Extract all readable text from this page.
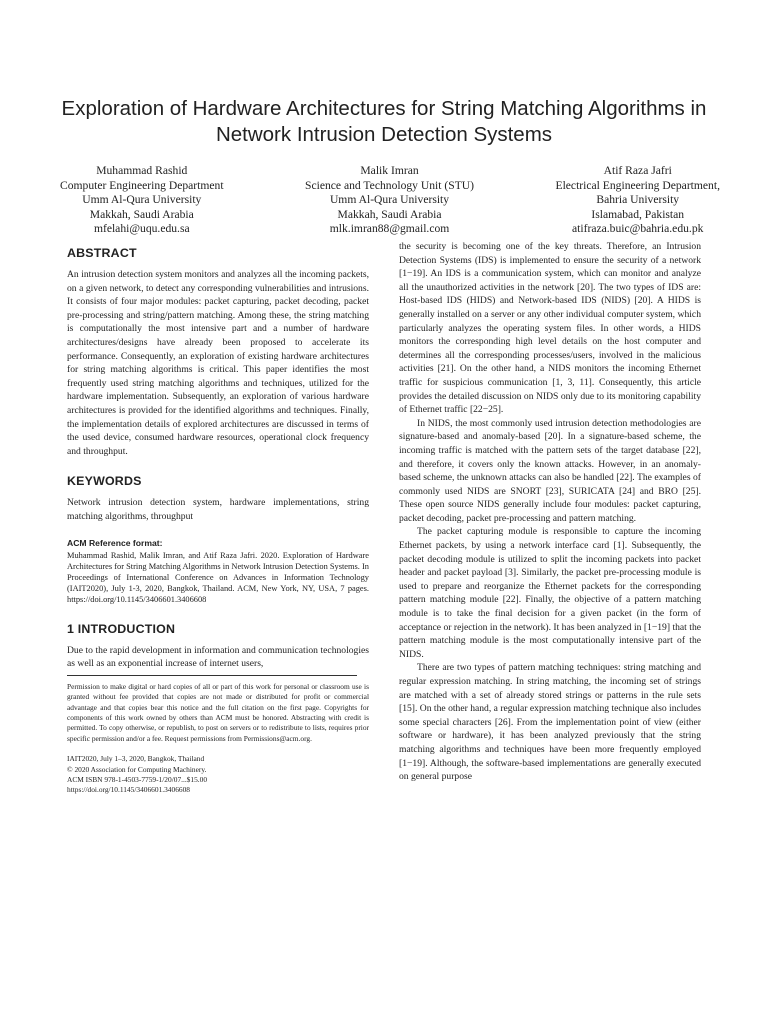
Exploration of Hardware Architectures for String Matching Algorithms in Network Intrusion Detection Systems
Muhammad Rashid
Computer Engineering Department
Umm Al-Qura University
Makkah, Saudi Arabia
mfelahi@uqu.edu.sa
Malik Imran
Science and Technology Unit (STU)
Umm Al-Qura University
Makkah, Saudi Arabia
mlk.imran88@gmail.com
Atif Raza Jafri
Electrical Engineering Department,
Bahria University
Islamabad, Pakistan
atifraza.buic@bahria.edu.pk
ABSTRACT

An intrusion detection system monitors and analyzes all the incoming packets, on a given network, to detect any corresponding vulnerabilities and intrusions. It consists of four major modules: packet capturing, packet decoding, packet pre-processing and string/pattern matching. Among these, the string matching is computationally the most intensive part and a number of hardware architectures/designs have already been proposed to accelerate its performance. Consequently, an exploration of existing hardware architectures for string matching algorithms is critical. This paper identifies the most frequently used string matching algorithms and techniques, utilized for the hardware implementation. Subsequently, an exploration of various hardware architectures is provided for the identified algorithms and techniques. Finally, the implementation details of explored architectures are discussed in terms of the used device, consumed hardware resources, operational clock frequency and throughput.

KEYWORDS

Network intrusion detection system, hardware implementations, string matching algorithms, throughput

ACM Reference format:

Muhammad Rashid, Malik Imran, and Atif Raza Jafri. 2020. Exploration of Hardware Architectures for String Matching Algorithms in Network Intrusion Detection Systems. In Proceedings of International Conference on Advances in Information Technology (IAIT2020), July 1-3, 2020, Bangkok, Thailand. ACM, New York, NY, USA, 7 pages. https://doi.org/10.1145/3406601.3406608

1 INTRODUCTION

Due to the rapid development in information and communication technologies as well as an exponential increase of internet users,

Permission to make digital or hard copies of all or part of this work for personal or classroom use is granted without fee provided that copies are not made or distributed for profit or commercial advantage and that copies bear this notice and the full citation on the first page. Copyrights for components of this work owned by others than ACM must be honored. Abstracting with credit is permitted. To copy otherwise, or republish, to post on servers or to redistribute to lists, requires prior specific permission and/or a fee. Request permissions from Permissions@acm.org.

IAIT2020, July 1–3, 2020, Bangkok, Thailand
© 2020 Association for Computing Machinery.
ACM ISBN 978-1-4503-7759-1/20/07...$15.00
https://doi.org/10.1145/3406601.3406608

the security is becoming one of the key threats. Therefore, an Intrusion Detection Systems (IDS) is implemented to ensure the security of a network [1−19]. An IDS is a communication system, which can monitor and analyze all the unauthorized activities in the network [20]. The two types of IDS are: Host-based IDS (HIDS) and Network-based IDS (NIDS) [20]. A HIDS is generally installed on a server or any other individual computer system, which particularly analyzes the operating system files. In other words, a HIDS monitors the corresponding high level details on the host computer and determines all the corresponding processes/users, involved in the malicious activities [21]. On the other hand, a NIDS monitors the incoming Ethernet traffic for suspicious communication [1, 3, 11]. Consequently, this article provides the detailed discussion on NIDS only due to its monitoring capability of Ethernet traffic [22−25].

In NIDS, the most commonly used intrusion detection methodologies are signature-based and anomaly-based [20]. In a signature-based scheme, the incoming traffic is matched with the pattern sets of the target database [22], and therefore, it covers only the known attacks. However, in an anomaly-based scheme, the unknown attacks can also be handled [22]. The examples of commonly used NIDS are SNORT [23], SURICATA [24] and BRO [25]. These open source NIDS generally include four modules: packet capturing, packet decoding, packet pre-processing and pattern matching.

The packet capturing module is responsible to capture the incoming Ethernet packets, by using a network interface card [1]. Subsequently, the packet decoding module is utilized to split the incoming packets into packet header and packet payload [3]. Similarly, the packet pre-processing module is used to prepare and reorganize the Ethernet packets for the corresponding pattern matching module [22]. Finally, the objective of a pattern matching module is to take the final decision for a given packet (in the form of acceptance or rejection in the network). It has been analyzed in [1−19] that the pattern matching module is the most computationally intensive part of the NIDS.

There are two types of pattern matching techniques: string matching and regular expression matching. In string matching, the incoming set of strings are matched with a set of already stored strings or patterns in the rule sets [15]. On the other hand, a regular expression matching technique also includes some special characters [26]. From the implementation point of view (either software or hardware), it has been analyzed previously that the string matching algorithms and techniques have been more frequently employed [1−19]. Although, the software-based implementations are generally executed on general purpose
